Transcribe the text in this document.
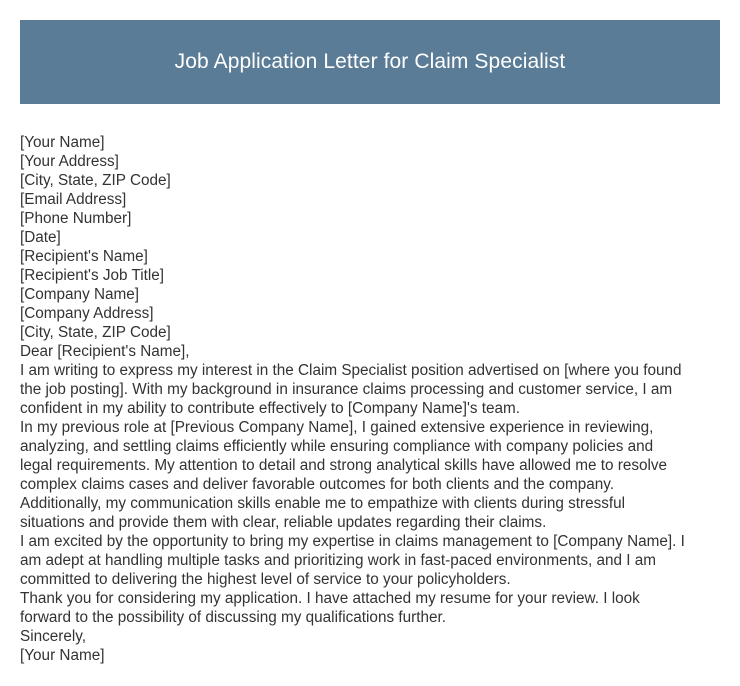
Job Application Letter for Claim Specialist
[Your Name]
[Your Address]
[City, State, ZIP Code]
[Email Address]
[Phone Number]
[Date]
[Recipient's Name]
[Recipient's Job Title]
[Company Name]
[Company Address]
[City, State, ZIP Code]
Dear [Recipient's Name],

I am writing to express my interest in the Claim Specialist position advertised on [where you found
the job posting]. With my background in insurance claims processing and customer service, I am
confident in my ability to contribute effectively to [Company Name]'s team.

In my previous role at [Previous Company Name], I gained extensive experience in reviewing,
analyzing, and settling claims efficiently while ensuring compliance with company policies and
legal requirements. My attention to detail and strong analytical skills have allowed me to resolve
complex claims cases and deliver favorable outcomes for both clients and the company.
Additionally, my communication skills enable me to empathize with clients during stressful
situations and provide them with clear, reliable updates regarding their claims.

I am excited by the opportunity to bring my expertise in claims management to [Company Name]. I
am adept at handling multiple tasks and prioritizing work in fast-paced environments, and I am
committed to delivering the highest level of service to your policyholders.

Thank you for considering my application. I have attached my resume for your review. I look
forward to the possibility of discussing my qualifications further.

Sincerely,
[Your Name]
